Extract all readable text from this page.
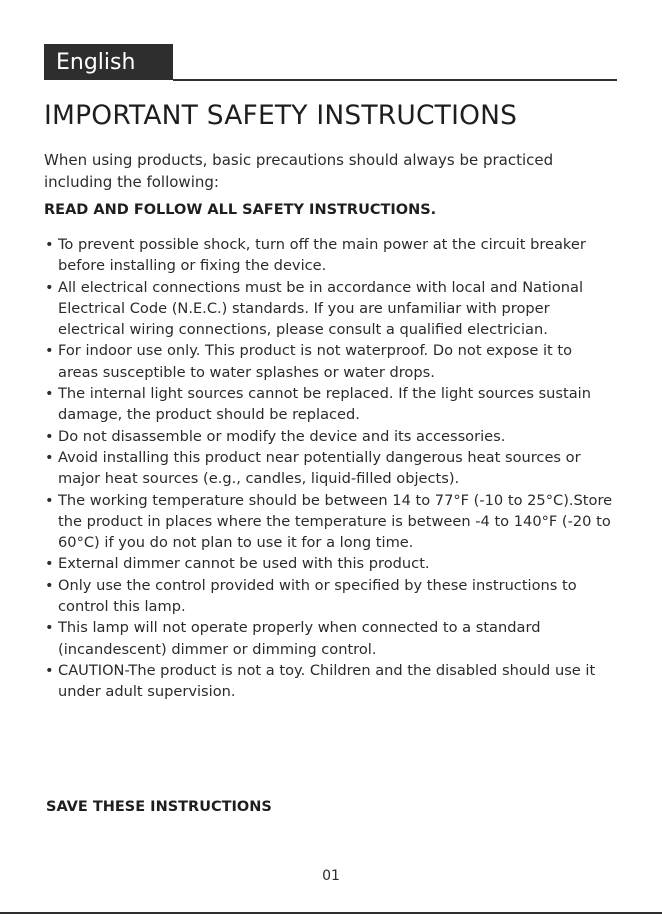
English
IMPORTANT SAFETY INSTRUCTIONS

When using products, basic precautions should always be practiced including the following:

READ AND FOLLOW ALL SAFETY INSTRUCTIONS.

• To prevent possible shock, turn off the main power at the circuit breaker before installing or fixing the device.
• All electrical connections must be in accordance with local and National Electrical Code (N.E.C.) standards. If you are unfamiliar with proper electrical wiring connections, please consult a qualified electrician.
• For indoor use only. This product is not waterproof. Do not expose it to areas susceptible to water splashes or water drops.
• The internal light sources cannot be replaced. If the light sources sustain damage, the product should be replaced.
• Do not disassemble or modify the device and its accessories.
• Avoid installing this product near potentially dangerous heat sources or major heat sources (e.g., candles, liquid-filled objects).
• The working temperature should be between 14 to 77°F (-10 to 25°C).Store the product in places where the temperature is between -4 to 140°F (-20 to 60°C) if you do not plan to use it for a long time.
• External dimmer cannot be used with this product.
• Only use the control provided with or specified by these instructions to control this lamp.
• This lamp will not operate properly when connected to a standard (incandescent) dimmer or dimming control.
• CAUTION-The product is not a toy. Children and the disabled should use it under adult supervision.

SAVE THESE INSTRUCTIONS

01
